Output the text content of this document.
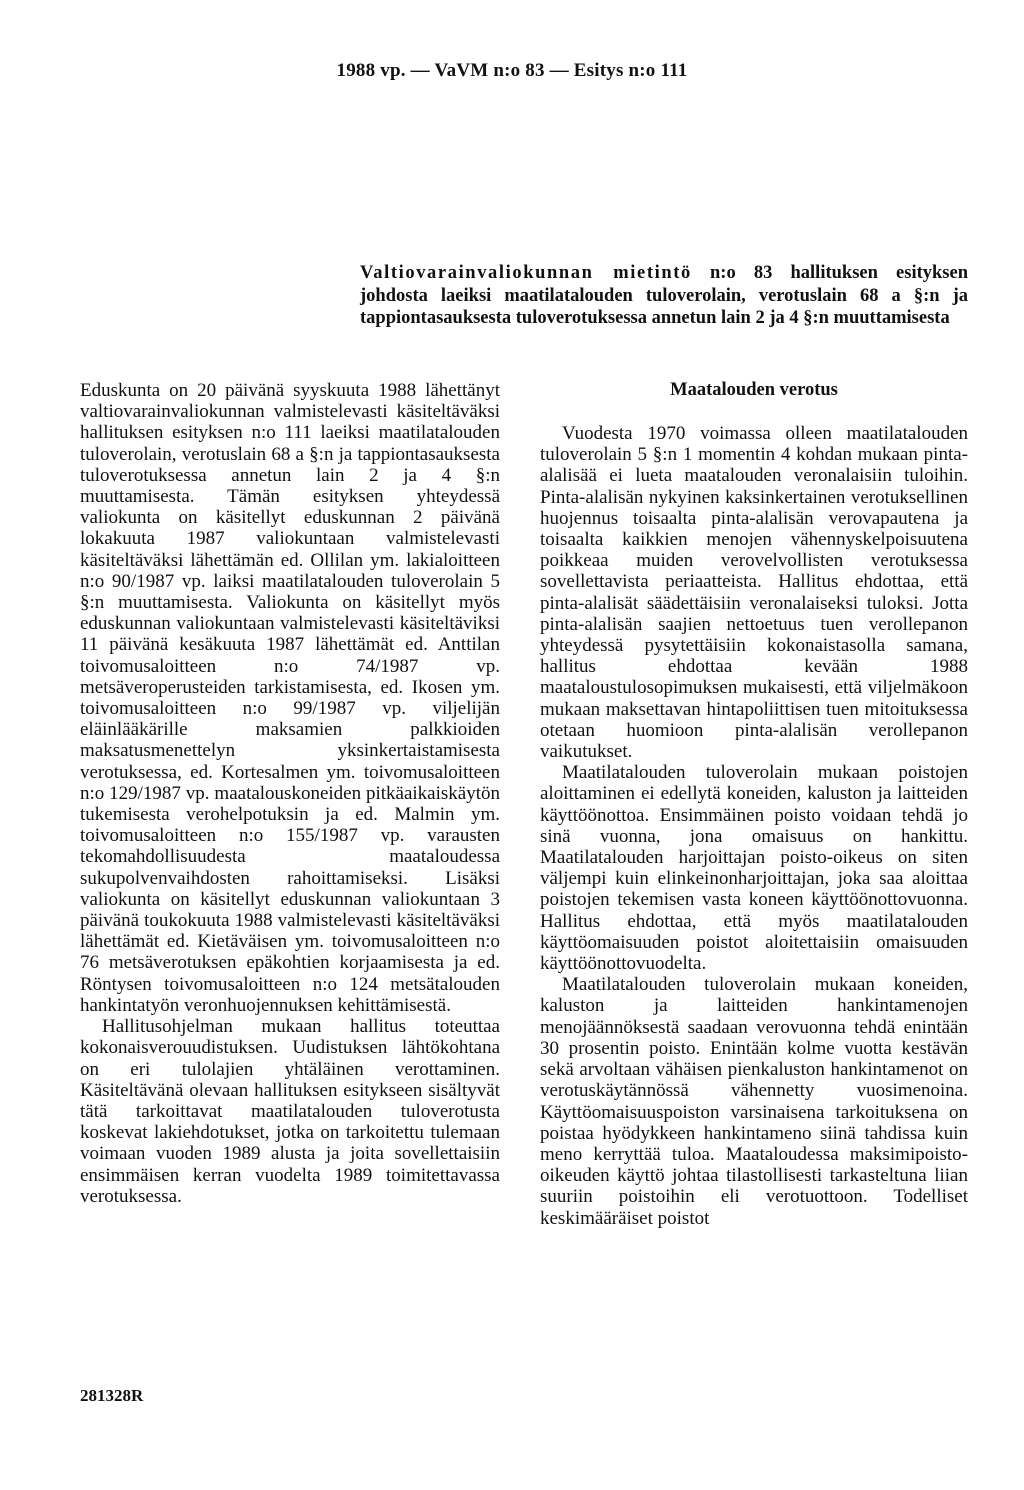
1988 vp. — VaVM n:o 83 — Esitys n:o 111
Valtiovarainvaliokunnan mietintö n:o 83 hallituksen esityksen johdosta laeiksi maatilatalouden tuloverolain, verotuslain 68 a §:n ja tappiontasauksesta tuloverotuksessa annetun lain 2 ja 4 §:n muuttamisesta

Eduskunta on 20 päivänä syyskuuta 1988 lähettänyt valtiovarainvaliokunnan valmistelevasti käsiteltäväksi hallituksen esityksen n:o 111 laeiksi maatilatalouden tuloverolain, verotuslain 68 a §:n ja tappiontasauksesta tuloverotuksessa annetun lain 2 ja 4 §:n muuttamisesta. Tämän esityksen yhteydessä valiokunta on käsitellyt eduskunnan 2 päivänä lokakuuta 1987 valiokuntaan valmistelevasti käsiteltäväksi lähettämän ed. Ollilan ym. lakialoitteen n:o 90/1987 vp. laiksi maatilatalouden tuloverolain 5 §:n muuttamisesta. Valiokunta on käsitellyt myös eduskunnan valiokuntaan valmistelevasti käsiteltäviksi 11 päivänä kesäkuuta 1987 lähettämät ed. Anttilan toivomusaloitteen n:o 74/1987 vp. metsäveroperusteiden tarkistamisesta, ed. Ikosen ym. toivomusaloitteen n:o 99/1987 vp. viljelijän eläinlääkärille maksamien palkkioiden maksatusmenettelyn yksinkertaistamisesta verotuksessa, ed. Kortesalmen ym. toivomusaloitteen n:o 129/1987 vp. maatalouskoneiden pitkäaikaiskäytön tukemisesta verohelpotuksin ja ed. Malmin ym. toivomusaloitteen n:o 155/1987 vp. varausten tekomahdollisuudesta maataloudessa sukupolvenvaihdosten rahoittamiseksi. Lisäksi valiokunta on käsitellyt eduskunnan valiokuntaan 3 päivänä toukokuuta 1988 valmistelevasti käsiteltäväksi lähettämät ed. Kietäväisen ym. toivomusaloitteen n:o 76 metsäverotuksen epäkohtien korjaamisesta ja ed. Röntysen toivomusaloitteen n:o 124 metsätalouden hankintatyön veronhuojennuksen kehittämisestä.

Hallitusohjelman mukaan hallitus toteuttaa kokonaisverouudistuksen. Uudistuksen lähtökohtana on eri tulolajien yhtäläinen verottaminen. Käsiteltävänä olevaan hallituksen esitykseen sisältyvät tätä tarkoittavat maatilatalouden tuloverotusta koskevat lakiehdotukset, jotka on tarkoitettu tulemaan voimaan vuoden 1989 alusta ja joita sovellettaisiin ensimmäisen kerran vuodelta 1989 toimitettavassa verotuksessa.

Maatalouden verotus

Vuodesta 1970 voimassa olleen maatilatalouden tuloverolain 5 §:n 1 momentin 4 kohdan mukaan pinta-alalisää ei lueta maatalouden veronalaisiin tuloihin. Pinta-alalisän nykyinen kaksinkertainen verotuksellinen huojennus toisaalta pinta-alalisän verovapautena ja toisaalta kaikkien menojen vähennyskelpoisuutena poikkeaa muiden verovelvollisten verotuksessa sovellettavista periaatteista. Hallitus ehdottaa, että pinta-alalisät säädettäisiin veronalaiseksi tuloksi. Jotta pinta-alalisän saajien nettoetuus tuen verollepanon yhteydessä pysytettäisiin kokonaistasolla samana, hallitus ehdottaa kevään 1988 maataloustulosopimuksen mukaisesti, että viljelmäkoon mukaan maksettavan hintapoliittisen tuen mitoituksessa otetaan huomioon pinta-alalisän verollepanon vaikutukset.

Maatilatalouden tuloverolain mukaan poistojen aloittaminen ei edellytä koneiden, kaluston ja laitteiden käyttöönottoa. Ensimmäinen poisto voidaan tehdä jo sinä vuonna, jona omaisuus on hankittu. Maatilatalouden harjoittajan poisto-oikeus on siten väljempi kuin elinkeinonharjoittajan, joka saa aloittaa poistojen tekemisen vasta koneen käyttöönottovuonna. Hallitus ehdottaa, että myös maatilatalouden käyttöomaisuuden poistot aloitettaisiin omaisuuden käyttöönottovuodelta.

Maatilatalouden tuloverolain mukaan koneiden, kaluston ja laitteiden hankintamenojen menojäännöksestä saadaan verovuonna tehdä enintään 30 prosentin poisto. Enintään kolme vuotta kestävän sekä arvoltaan vähäisen pienkaluston hankintamenot on verotuskäytännössä vähennetty vuosimenoina. Käyttöomaisuuspoiston varsinaisena tarkoituksena on poistaa hyödykkeen hankintameno siinä tahdissa kuin meno kerryttää tuloa. Maataloudessa maksimipoisto-oikeuden käyttö johtaa tilastollisesti tarkasteltuna liian suuriin poistoihin eli verotuottoon. Todelliset keskimääräiset poistot

281328R
